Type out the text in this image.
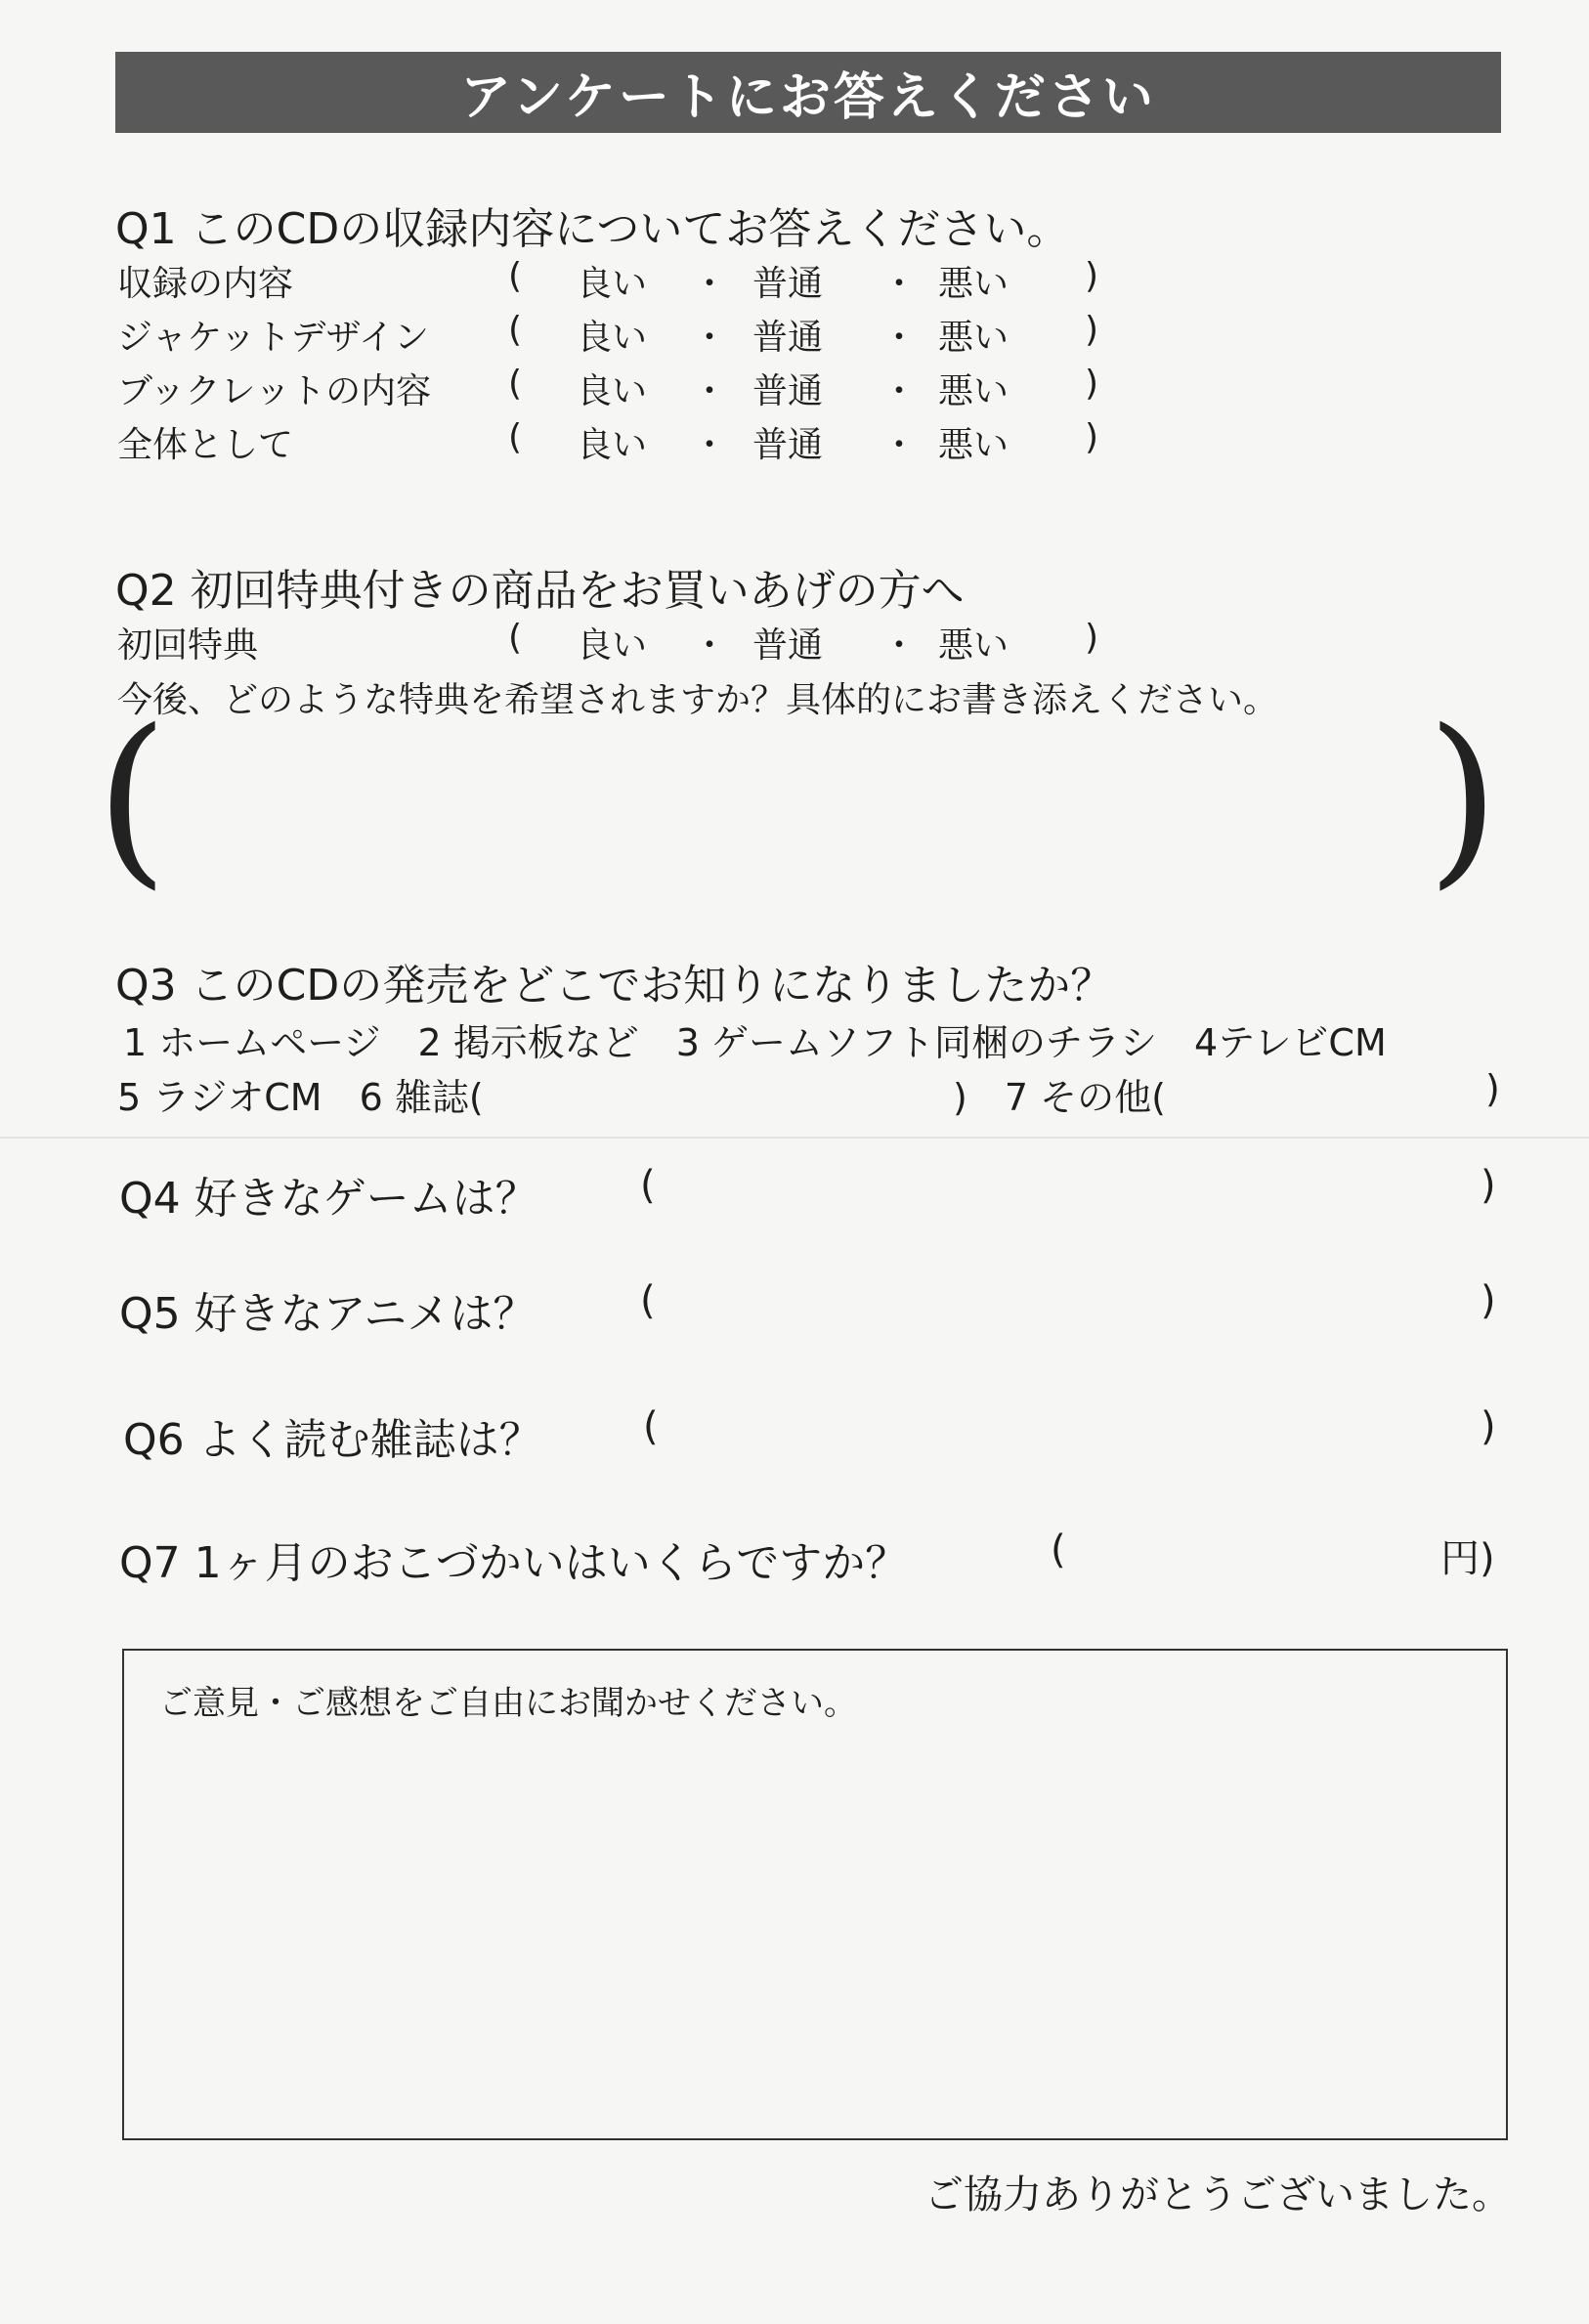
アンケートにお答えください
Q1 このCDの収録内容についてお答えください。
収録の内容	( 良い ・ 普通 ・ 悪い )
ジャケットデザイン ( 良い ・ 普通 ・ 悪い )
ブックレットの内容 ( 良い ・ 普通 ・ 悪い )
全体として	( 良い ・ 普通 ・ 悪い )
Q2 初回特典付きの商品をお買いあげの方へ
初回特典	( 良い ・ 普通 ・ 悪い )
今後、どのような特典を希望されますか？具体的にお書き添えください。
(	)
Q3 このCDの発売をどこでお知りになりましたか？
1 ホームページ　2 掲示板など　3 ゲームソフト同梱のチラシ　4テレビCM
5 ラジオCM　6 雑誌(	)　7 その他(	)
Q4 好きなゲームは？	(	)
Q5 好きなアニメは？	(	)
Q6 よく読む雑誌は？	(	)
Q7 1ヶ月のおこづかいはいくらですか？	(	円)
ご意見・ご感想をご自由にお聞かせください。
ご協力ありがとうございました。
